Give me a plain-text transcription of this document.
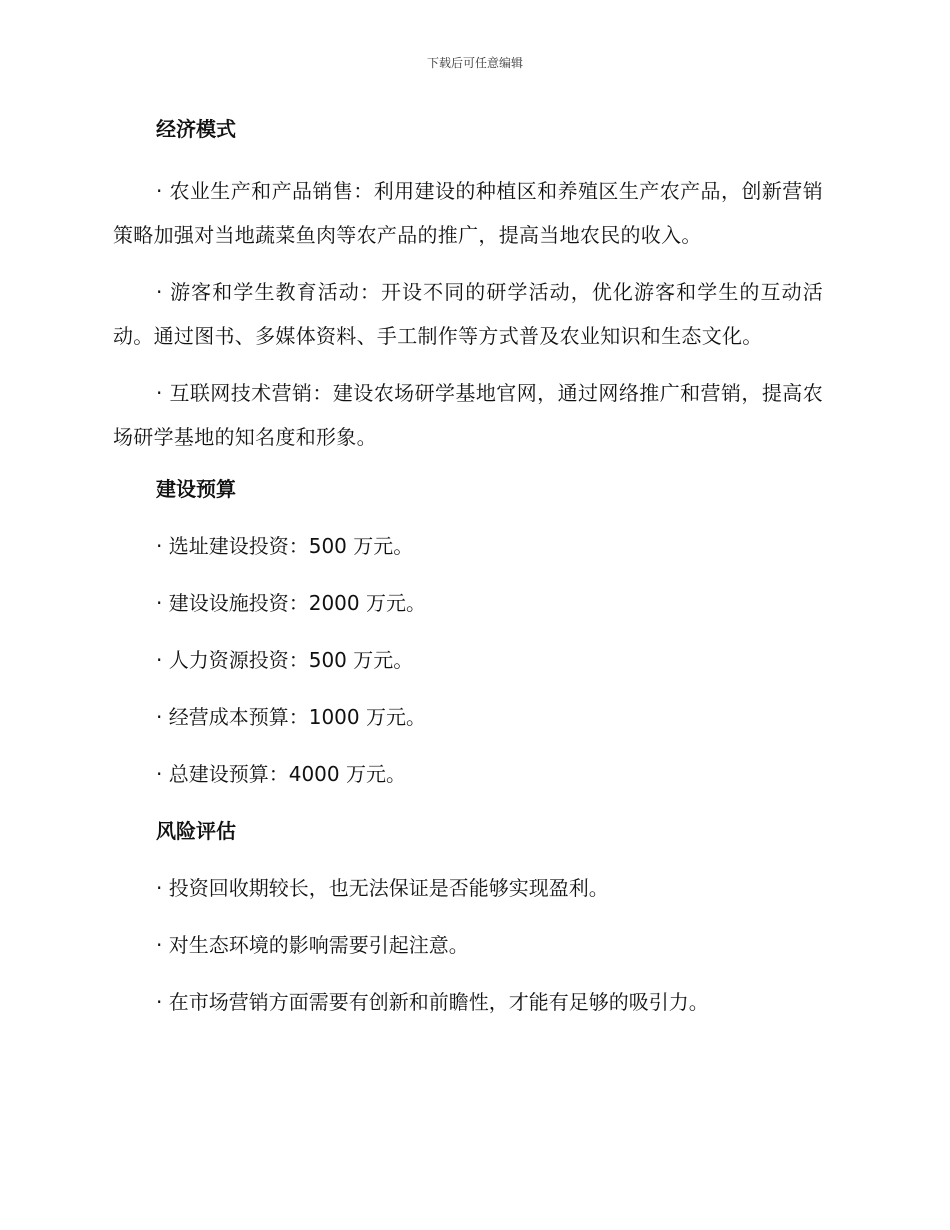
下载后可任意编辑
经济模式

· 农业生产和产品销售：利用建设的种植区和养殖区生产农产品，创新营销策略加强对当地蔬菜鱼肉等农产品的推广，提高当地农民的收入。

· 游客和学生教育活动：开设不同的研学活动，优化游客和学生的互动活动。通过图书、多媒体资料、手工制作等方式普及农业知识和生态文化。

· 互联网技术营销：建设农场研学基地官网，通过网络推广和营销，提高农场研学基地的知名度和形象。

建设预算
· 选址建设投资：500 万元。
· 建设设施投资：2000 万元。
· 人力资源投资：500 万元。
· 经营成本预算：1000 万元。
· 总建设预算：4000 万元。
风险评估
· 投资回收期较长，也无法保证是否能够实现盈利。
· 对生态环境的影响需要引起注意。
· 在市场营销方面需要有创新和前瞻性，才能有足够的吸引力。
